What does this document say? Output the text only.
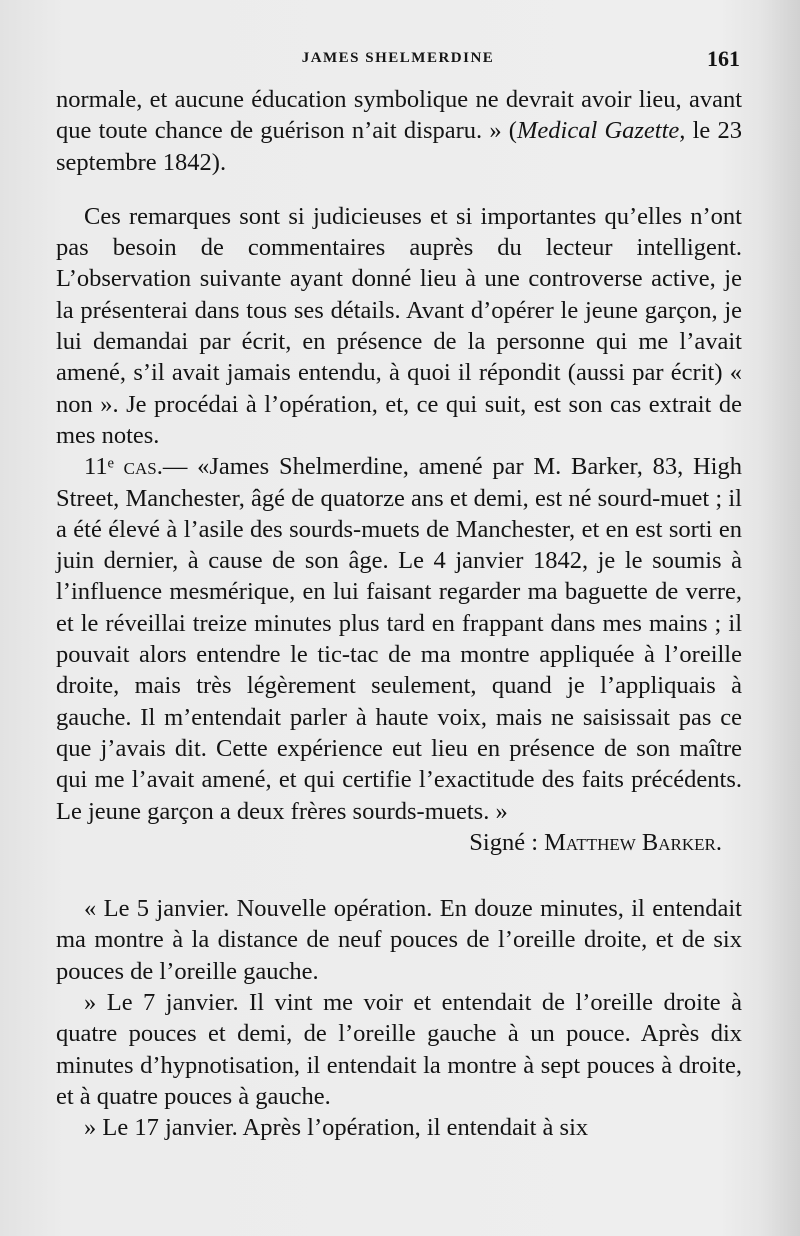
JAMES SHELMERDINE	161

normale, et aucune éducation symbolique ne devrait avoir lieu, avant que toute chance de guérison n’ait disparu. » (Medical Gazette, le 23 septembre 1842).

Ces remarques sont si judicieuses et si importantes qu’elles n’ont pas besoin de commentaires auprès du lecteur intelligent. L’observation suivante ayant donné lieu à une controverse active, je la présenterai dans tous ses détails. Avant d’opérer le jeune garçon, je lui demandai par écrit, en présence de la personne qui me l’avait amené, s’il avait jamais entendu, à quoi il répondit (aussi par écrit) « non ». Je procédai à l’opération, et, ce qui suit, est son cas extrait de mes notes.

11ᵉ cas.— «James Shelmerdine, amené par M. Barker, 83, High Street, Manchester, âgé de quatorze ans et demi, est né sourd-muet ; il a été élevé à l’asile des sourds-muets de Manchester, et en est sorti en juin dernier, à cause de son âge. Le 4 janvier 1842, je le soumis à l’influence mesmérique, en lui faisant regarder ma baguette de verre, et le réveillai treize minutes plus tard en frappant dans mes mains ; il pouvait alors entendre le tic-tac de ma montre appliquée à l’oreille droite, mais très légèrement seulement, quand je l’appliquais à gauche. Il m’entendait parler à haute voix, mais ne saisissait pas ce que j’avais dit. Cette expérience eut lieu en présence de son maître qui me l’avait amené, et qui certifie l’exactitude des faits précédents. Le jeune garçon a deux frères sourds-muets. »

Signé : Matthew Barker.

« Le 5 janvier. Nouvelle opération. En douze minutes, il entendait ma montre à la distance de neuf pouces de l’oreille droite, et de six pouces de l’oreille gauche.

» Le 7 janvier. Il vint me voir et entendait de l’oreille droite à quatre pouces et demi, de l’oreille gauche à un pouce. Après dix minutes d’hypnotisation, il entendait la montre à sept pouces à droite, et à quatre pouces à gauche.

» Le 17 janvier. Après l’opération, il entendait à six
